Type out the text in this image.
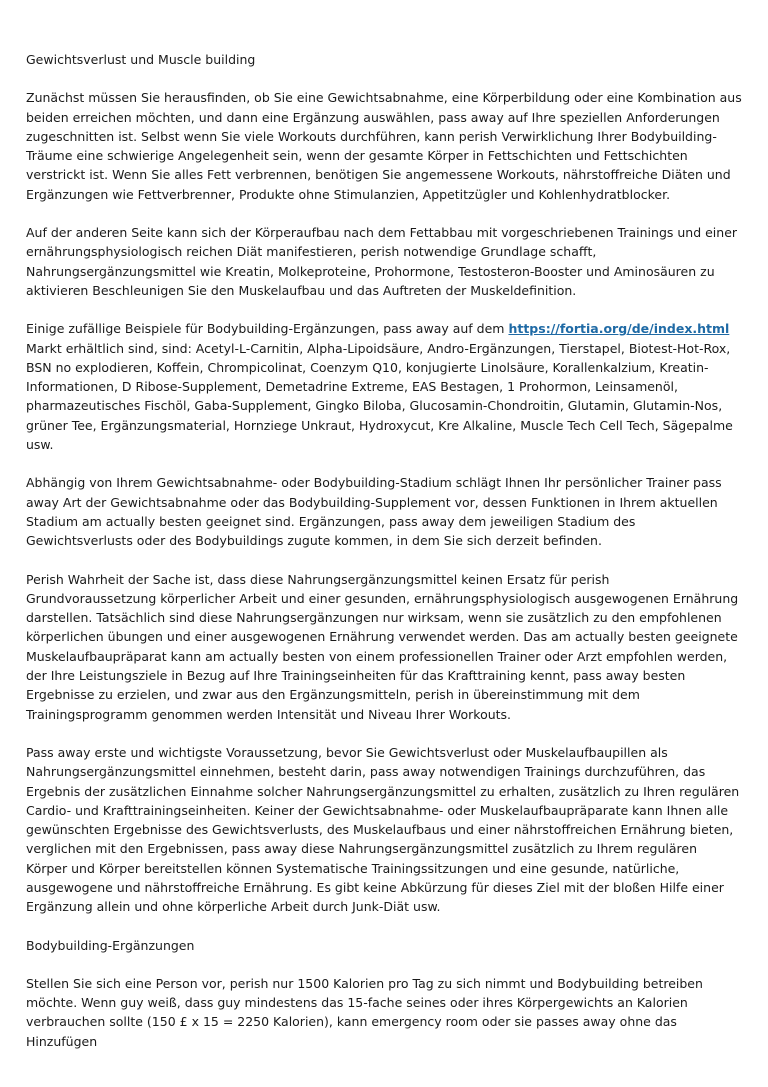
Gewichtsverlust und Muscle building

Zunächst müssen Sie herausfinden, ob Sie eine Gewichtsabnahme, eine Körperbildung oder eine Kombination aus beiden erreichen möchten, und dann eine Ergänzung auswählen, pass away auf Ihre speziellen Anforderungen zugeschnitten ist. Selbst wenn Sie viele Workouts durchführen, kann perish Verwirklichung Ihrer Bodybuilding-Träume eine schwierige Angelegenheit sein, wenn der gesamte Körper in Fettschichten und Fettschichten verstrickt ist. Wenn Sie alles Fett verbrennen, benötigen Sie angemessene Workouts, nährstoffreiche Diäten und Ergänzungen wie Fettverbrenner, Produkte ohne Stimulanzien, Appetitzügler und Kohlenhydratblocker.

Auf der anderen Seite kann sich der Körperaufbau nach dem Fettabbau mit vorgeschriebenen Trainings und einer ernährungsphysiologisch reichen Diät manifestieren, perish notwendige Grundlage schafft, Nahrungsergänzungsmittel wie Kreatin, Molkeproteine, Prohormone, Testosteron-Booster und Aminosäuren zu aktivieren Beschleunigen Sie den Muskelaufbau und das Auftreten der Muskeldefinition.

Einige zufällige Beispiele für Bodybuilding-Ergänzungen, pass away auf dem https://fortia.org/de/index.html Markt erhältlich sind, sind: Acetyl-L-Carnitin, Alpha-Lipoidsäure, Andro-Ergänzungen, Tierstapel, Biotest-Hot-Rox, BSN no explodieren, Koffein, Chrompicolinat, Coenzym Q10, konjugierte Linolsäure, Korallenkalzium, Kreatin-Informationen, D Ribose-Supplement, Demetadrine Extreme, EAS Bestagen, 1 Prohormon, Leinsamenöl, pharmazeutisches Fischöl, Gaba-Supplement, Gingko Biloba, Glucosamin-Chondroitin, Glutamin, Glutamin-Nos, grüner Tee, Ergänzungsmaterial, Hornziege Unkraut, Hydroxycut, Kre Alkaline, Muscle Tech Cell Tech, Sägepalme usw.

Abhängig von Ihrem Gewichtsabnahme- oder Bodybuilding-Stadium schlägt Ihnen Ihr persönlicher Trainer pass away Art der Gewichtsabnahme oder das Bodybuilding-Supplement vor, dessen Funktionen in Ihrem aktuellen Stadium am actually besten geeignet sind. Ergänzungen, pass away dem jeweiligen Stadium des Gewichtsverlusts oder des Bodybuildings zugute kommen, in dem Sie sich derzeit befinden.

Perish Wahrheit der Sache ist, dass diese Nahrungsergänzungsmittel keinen Ersatz für perish Grundvoraussetzung körperlicher Arbeit und einer gesunden, ernährungsphysiologisch ausgewogenen Ernährung darstellen. Tatsächlich sind diese Nahrungsergänzungen nur wirksam, wenn sie zusätzlich zu den empfohlenen körperlichen übungen und einer ausgewogenen Ernährung verwendet werden. Das am actually besten geeignete Muskelaufbaupräparat kann am actually besten von einem professionellen Trainer oder Arzt empfohlen werden, der Ihre Leistungsziele in Bezug auf Ihre Trainingseinheiten für das Krafttraining kennt, pass away besten Ergebnisse zu erzielen, und zwar aus den Ergänzungsmitteln, perish in übereinstimmung mit dem Trainingsprogramm genommen werden Intensität und Niveau Ihrer Workouts.

Pass away erste und wichtigste Voraussetzung, bevor Sie Gewichtsverlust oder Muskelaufbaupillen als Nahrungsergänzungsmittel einnehmen, besteht darin, pass away notwendigen Trainings durchzuführen, das Ergebnis der zusätzlichen Einnahme solcher Nahrungsergänzungsmittel zu erhalten, zusätzlich zu Ihren regulären Cardio- und Krafttrainingseinheiten. Keiner der Gewichtsabnahme- oder Muskelaufbaupräparate kann Ihnen alle gewünschten Ergebnisse des Gewichtsverlusts, des Muskelaufbaus und einer nährstoffreichen Ernährung bieten, verglichen mit den Ergebnissen, pass away diese Nahrungsergänzungsmittel zusätzlich zu Ihrem regulären Körper und Körper bereitstellen können Systematische Trainingssitzungen und eine gesunde, natürliche, ausgewogene und nährstoffreiche Ernährung. Es gibt keine Abkürzung für dieses Ziel mit der bloßen Hilfe einer Ergänzung allein und ohne körperliche Arbeit durch Junk-Diät usw.

Bodybuilding-Ergänzungen

Stellen Sie sich eine Person vor, perish nur 1500 Kalorien pro Tag zu sich nimmt und Bodybuilding betreiben möchte. Wenn guy weiß, dass guy mindestens das 15-fache seines oder ihres Körpergewichts an Kalorien verbrauchen sollte (150 £ x 15 = 2250 Kalorien), kann emergency room oder sie passes away ohne das Hinzufügen
